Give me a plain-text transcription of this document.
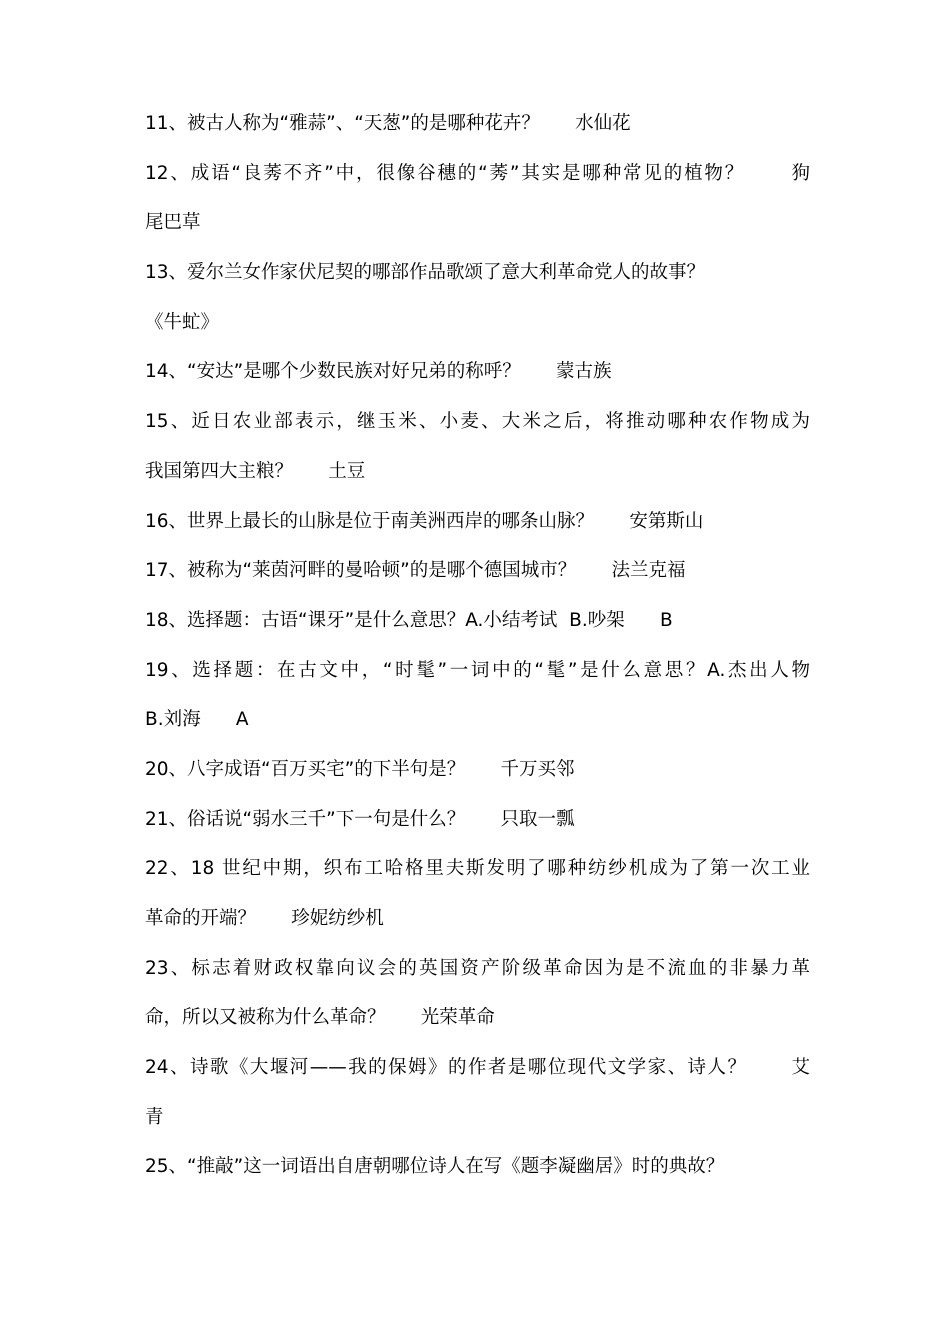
11、被古人称为“雅蒜”、“天葱”的是哪种花卉？      水仙花
12、成语“良莠不齐”中，很像谷穗的“莠”其实是哪种常见的植物？      狗
尾巴草
13、爱尔兰女作家伏尼契的哪部作品歌颂了意大利革命党人的故事？
《牛虻》
14、“安达”是哪个少数民族对好兄弟的称呼？      蒙古族
15、近日农业部表示，继玉米、小麦、大米之后，将推动哪种农作物成为
我国第四大主粮？      土豆
16、世界上最长的山脉是位于南美洲西岸的哪条山脉？      安第斯山
17、被称为“莱茵河畔的曼哈顿”的是哪个德国城市？      法兰克福
18、选择题：古语“课牙”是什么意思？A.小结考试  B.吵架      B
19、选择题：在古文中，“时髦”一词中的“髦”是什么意思？A.杰出人物
B.刘海      A
20、八字成语“百万买宅”的下半句是？      千万买邻
21、俗话说“弱水三千”下一句是什么？      只取一瓢
22、18 世纪中期，织布工哈格里夫斯发明了哪种纺纱机成为了第一次工业
革命的开端？      珍妮纺纱机
23、标志着财政权靠向议会的英国资产阶级革命因为是不流血的非暴力革
命，所以又被称为什么革命？      光荣革命
24、诗歌《大堰河——我的保姆》的作者是哪位现代文学家、诗人？      艾
青
25、“推敲”这一词语出自唐朝哪位诗人在写《题李凝幽居》时的典故？
